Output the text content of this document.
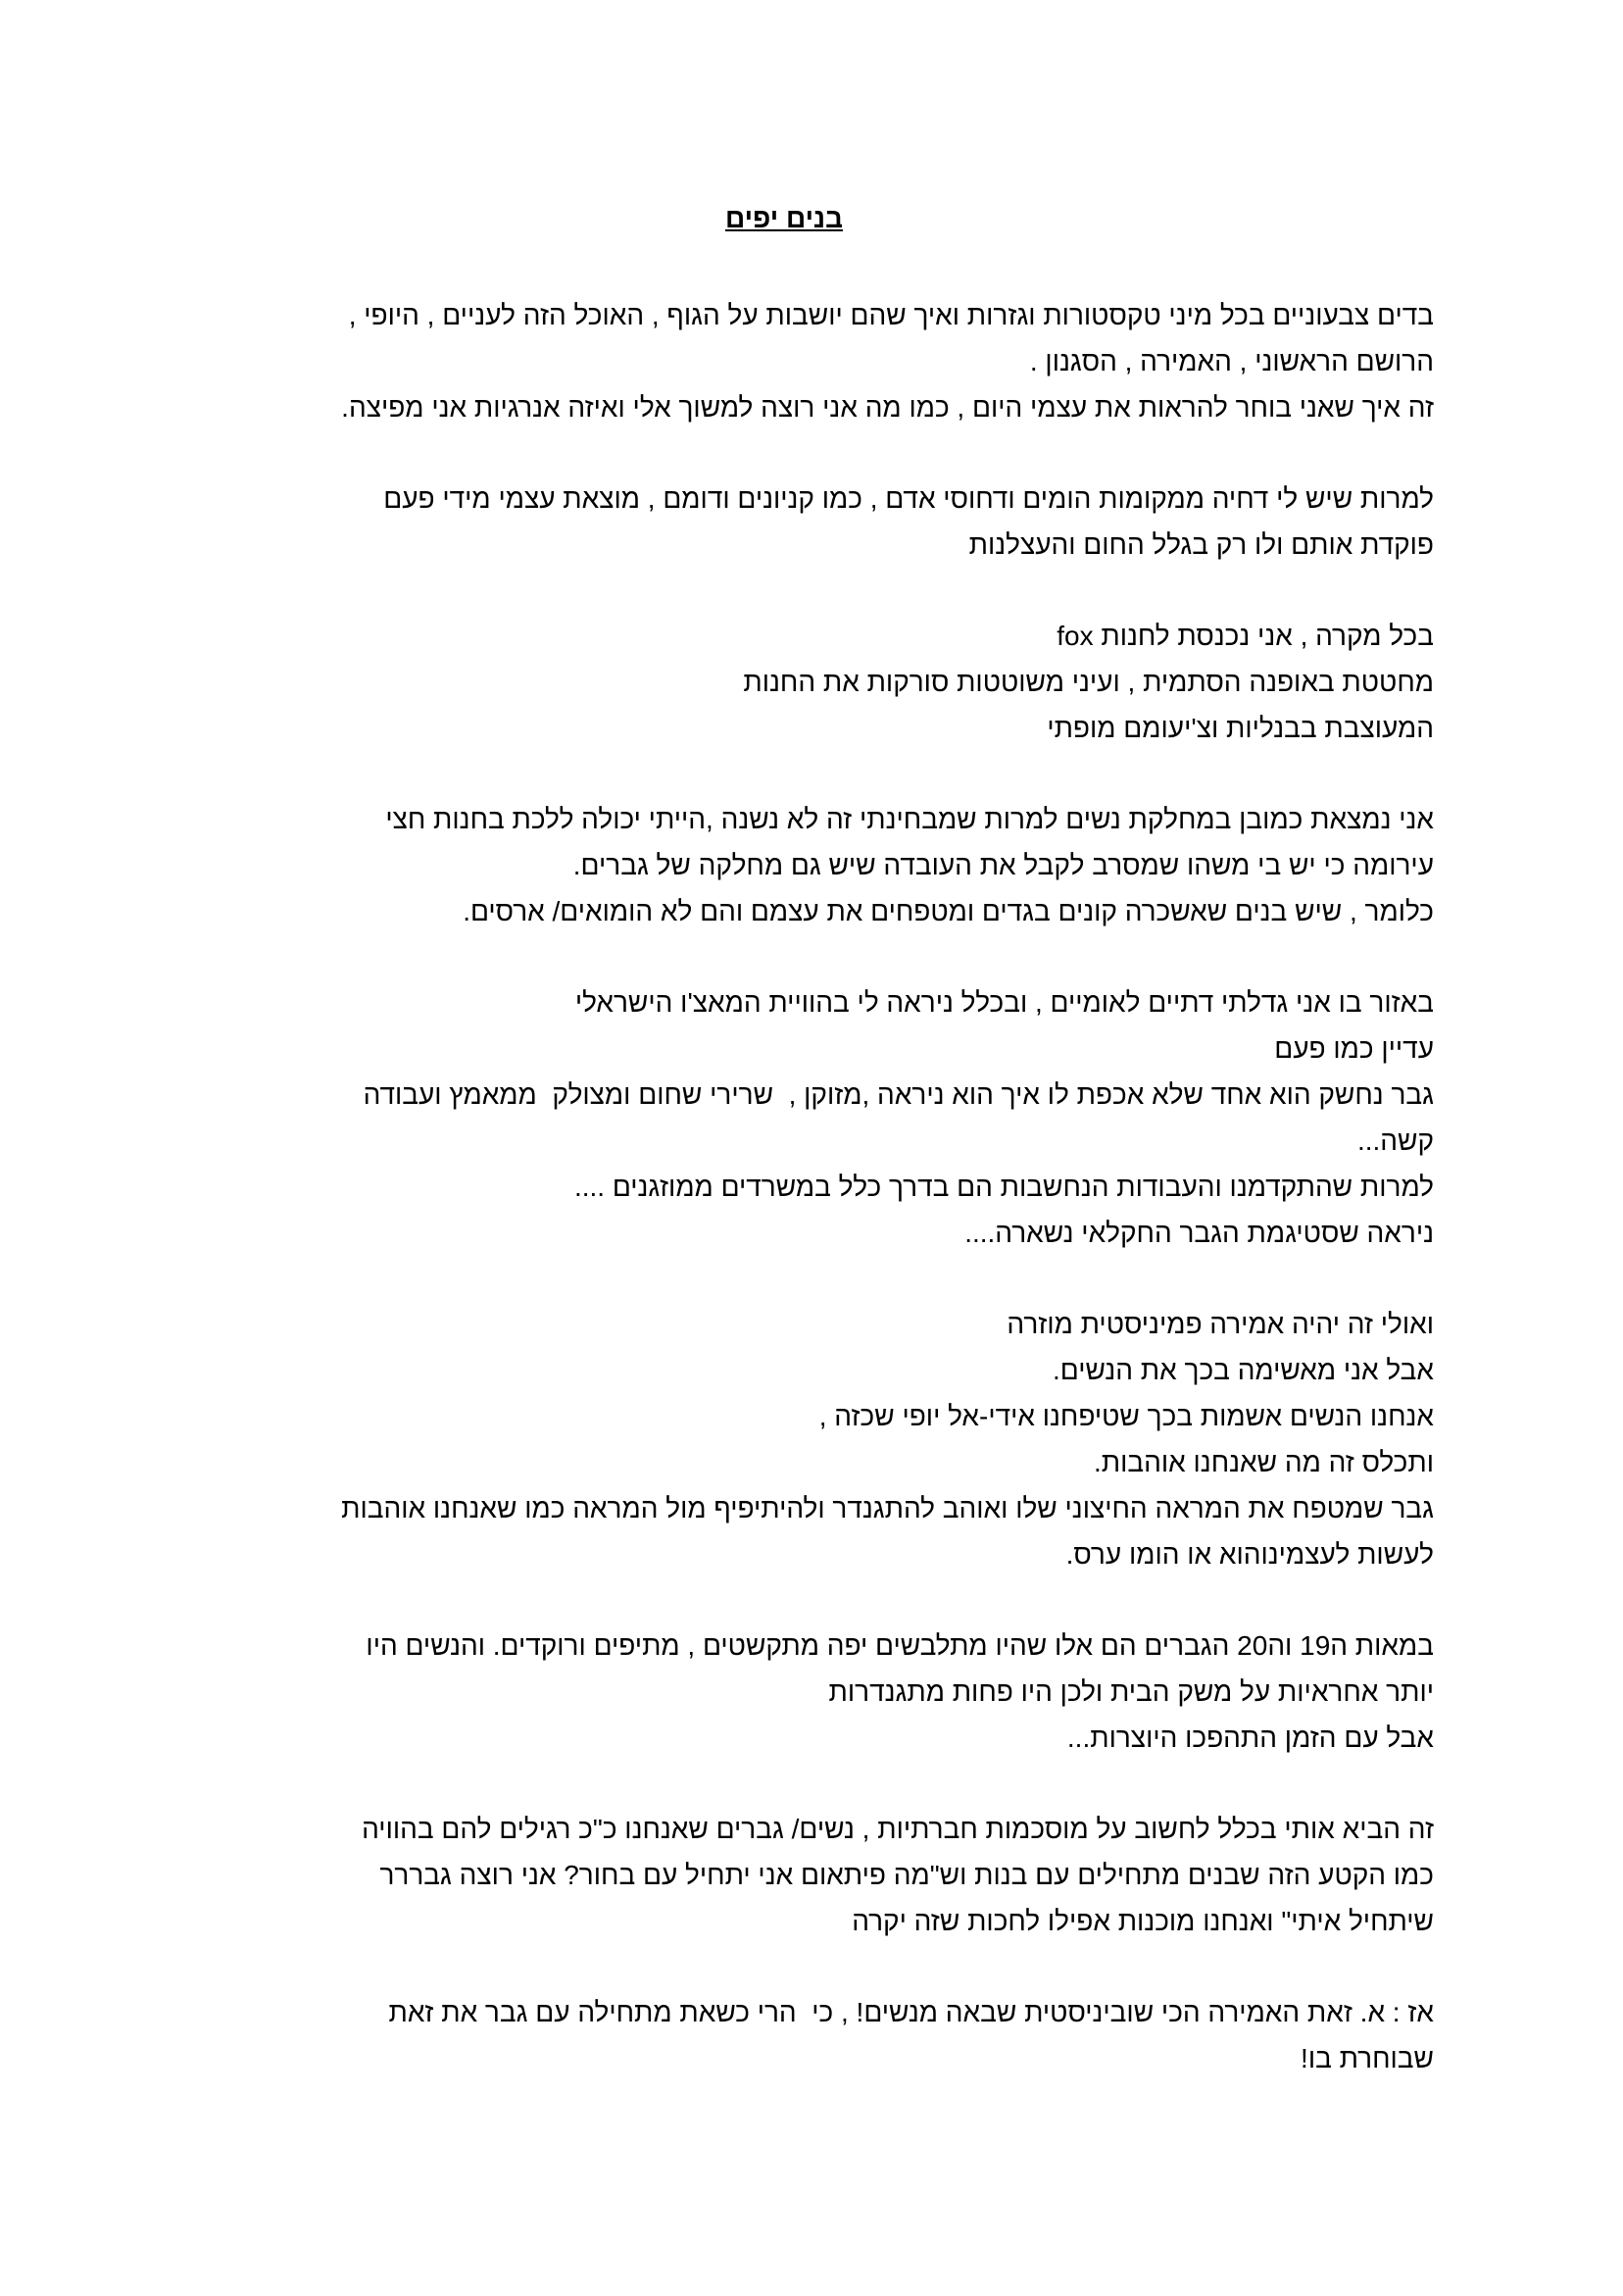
בנים יפים
בדים צבעוניים בכל מיני טקסטורות וגזרות ואיך שהם יושבות על הגוף , האוכל הזה לעניים , היופי ,
הרושם הראשוני , האמירה , הסגנון .
זה איך שאני בוחר להראות את עצמי היום , כמו מה אני רוצה למשוך אלי ואיזה אנרגיות אני מפיצה.
למרות שיש לי דחיה ממקומות הומים ודחוסי אדם , כמו קניונים ודומם , מוצאת עצמי מידי פעם
פוקדת אותם ולו רק בגלל החום והעצלנות
בכל מקרה , אני נכנסת לחנות fox
מחטטת באופנה הסתמית , ועיני משוטטות סורקות את החנות
המעוצבת בבנליות וצ'יעומם מופתי
אני נמצאת כמובן במחלקת נשים למרות שמבחינתי זה לא נשנה ,הייתי יכולה ללכת בחנות חצי
עירומה כי יש בי משהו שמסרב לקבל את העובדה שיש גם מחלקה של גברים.
כלומר , שיש בנים שאשכרה קונים בגדים ומטפחים את עצמם והם לא הומואים/ ארסים.
באזור בו אני גדלתי דתיים לאומיים , ובכלל ניראה לי בהוויית המאצ'ו הישראלי
עדיין כמו פעם
גבר נחשק הוא אחד שלא אכפת לו איך הוא ניראה ,מזוקן ,  שרירי שחום ומצולק  ממאמץ ועבודה
קשה...
למרות שהתקדמנו והעבודות הנחשבות הם בדרך כלל במשרדים ממוזגנים ....
ניראה שסטיגמת הגבר החקלאי נשארה....
ואולי זה יהיה אמירה פמיניסטית מוזרה
אבל אני מאשימה בכך את הנשים.
אנחנו הנשים אשמות בכך שטיפחנו אידי-אל יופי שכזה ,
ותכלס זה מה שאנחנו אוהבות.
גבר שמטפח את המראה החיצוני שלו ואוהב להתגנדר ולהיתיפיף מול המראה כמו שאנחנו אוהבות
לעשות לעצמינוהוא או הומו ערס.
במאות ה19 וה20 הגברים הם אלו שהיו מתלבשים יפה מתקשטים , מתיפים ורוקדים. והנשים היו
יותר אחראיות על משק הבית ולכן היו פחות מתגנדרות
אבל עם הזמן התהפכו היוצרות...
זה הביא אותי בכלל לחשוב על מוסכמות חברתיות , נשים/ גברים שאנחנו כ"כ רגילים להם בהוויה
כמו הקטע הזה שבנים מתחילים עם בנות וש"מה פיתאום אני יתחיל עם בחור? אני רוצה גבררר
שיתחיל איתי" ואנחנו מוכנות אפילו לחכות שזה יקרה
אז : א. זאת האמירה הכי שוביניסטית שבאה מנשים! , כי  הרי כשאת מתחילה עם גבר את זאת
שבוחרת בו!
